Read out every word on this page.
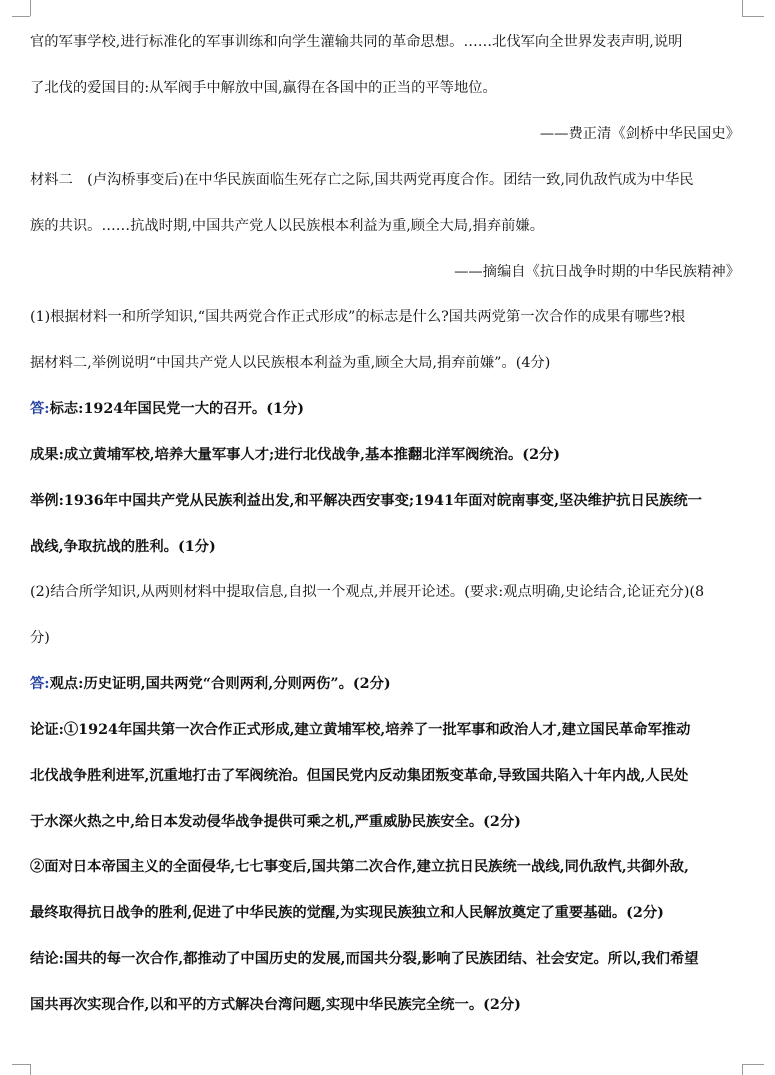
官的军事学校,进行标准化的军事训练和向学生灌输共同的革命思想。……北伐军向全世界发表声明,说明
了北伐的爱国目的:从军阀手中解放中国,赢得在各国中的正当的平等地位。
——费正清《剑桥中华民国史》
材料二　(卢沟桥事变后)在中华民族面临生死存亡之际,国共两党再度合作。团结一致,同仇敌忾成为中华民
族的共识。……抗战时期,中国共产党人以民族根本利益为重,顾全大局,捐弃前嫌。
——摘编自《抗日战争时期的中华民族精神》
(1)根据材料一和所学知识,“国共两党合作正式形成”的标志是什么?国共两党第一次合作的成果有哪些?根
据材料二,举例说明“中国共产党人以民族根本利益为重,顾全大局,捐弃前嫌”。(4分)
答:标志:1924年国民党一大的召开。(1分)
成果:成立黄埔军校,培养大量军事人才;进行北伐战争,基本推翻北洋军阀统治。(2分)
举例:1936年中国共产党从民族利益出发,和平解决西安事变;1941年面对皖南事变,坚决维护抗日民族统一
战线,争取抗战的胜利。(1分)
(2)结合所学知识,从两则材料中提取信息,自拟一个观点,并展开论述。(要求:观点明确,史论结合,论证充分)(8
分)
答:观点:历史证明,国共两党“合则两利,分则两伤”。(2分)
论证:①1924年国共第一次合作正式形成,建立黄埔军校,培养了一批军事和政治人才,建立国民革命军推动
北伐战争胜利进军,沉重地打击了军阀统治。但国民党内反动集团叛变革命,导致国共陷入十年内战,人民处
于水深火热之中,给日本发动侵华战争提供可乘之机,严重威胁民族安全。(2分)
②面对日本帝国主义的全面侵华,七七事变后,国共第二次合作,建立抗日民族统一战线,同仇敌忾,共御外敌,
最终取得抗日战争的胜利,促进了中华民族的觉醒,为实现民族独立和人民解放奠定了重要基础。(2分)
结论:国共的每一次合作,都推动了中国历史的发展,而国共分裂,影响了民族团结、社会安定。所以,我们希望
国共再次实现合作,以和平的方式解决台湾问题,实现中华民族完全统一。(2分)
